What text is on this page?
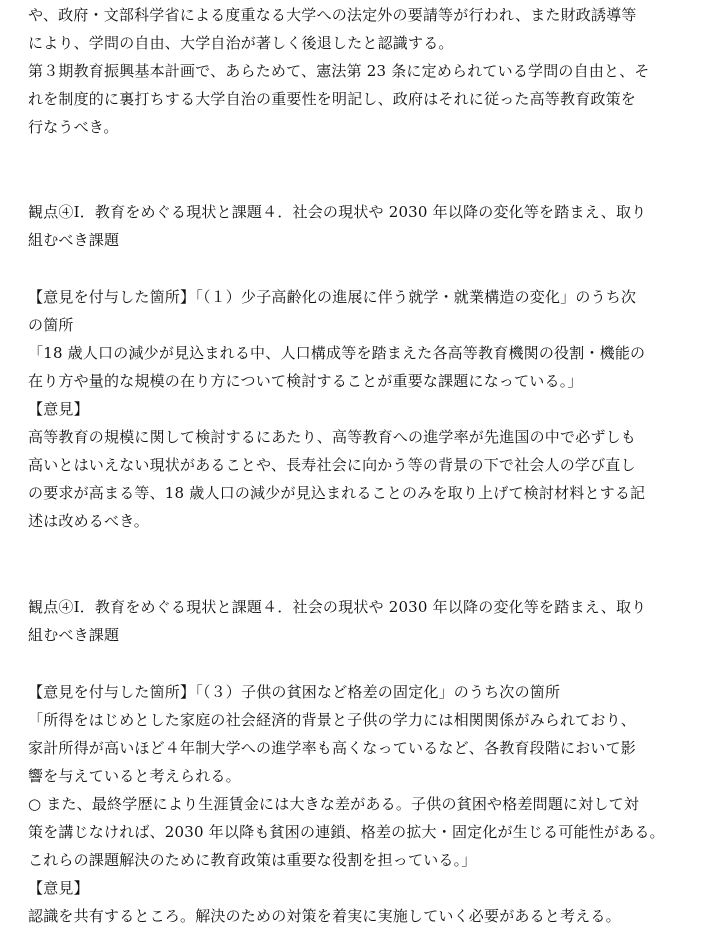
や、政府・文部科学省による度重なる大学への法定外の要請等が行われ、また財政誘導等
により、学問の自由、大学自治が著しく後退したと認識する。
第３期教育振興基本計画で、あらためて、憲法第 23 条に定められている学問の自由と、そ
れを制度的に裏打ちする大学自治の重要性を明記し、政府はそれに従った高等教育政策を
行なうべき。
観点④Ⅰ．教育をめぐる現状と課題４．社会の現状や 2030 年以降の変化等を踏まえ、取り
組むべき課題
【意見を付与した箇所】「（１）少子高齢化の進展に伴う就学・就業構造の変化」のうち次
の箇所
「18 歳人口の減少が見込まれる中、人口構成等を踏まえた各高等教育機関の役割・機能の
在り方や量的な規模の在り方について検討することが重要な課題になっている。」
【意見】
高等教育の規模に関して検討するにあたり、高等教育への進学率が先進国の中で必ずしも
高いとはいえない現状があることや、長寿社会に向かう等の背景の下で社会人の学び直し
の要求が高まる等、18 歳人口の減少が見込まれることのみを取り上げて検討材料とする記
述は改めるべき。
観点④Ⅰ．教育をめぐる現状と課題４．社会の現状や 2030 年以降の変化等を踏まえ、取り
組むべき課題
【意見を付与した箇所】「（３）子供の貧困など格差の固定化」のうち次の箇所
「所得をはじめとした家庭の社会経済的背景と子供の学力には相関関係がみられており、
家計所得が高いほど４年制大学への進学率も高くなっているなど、各教育段階において影
響を与えていると考えられる。
○ また、最終学歴により生涯賃金には大きな差がある。子供の貧困や格差問題に対して対
策を講じなければ、2030 年以降も貧困の連鎖、格差の拡大・固定化が生じる可能性がある。
これらの課題解決のために教育政策は重要な役割を担っている。」
【意見】
認識を共有するところ。解決のための対策を着実に実施していく必要があると考える。
